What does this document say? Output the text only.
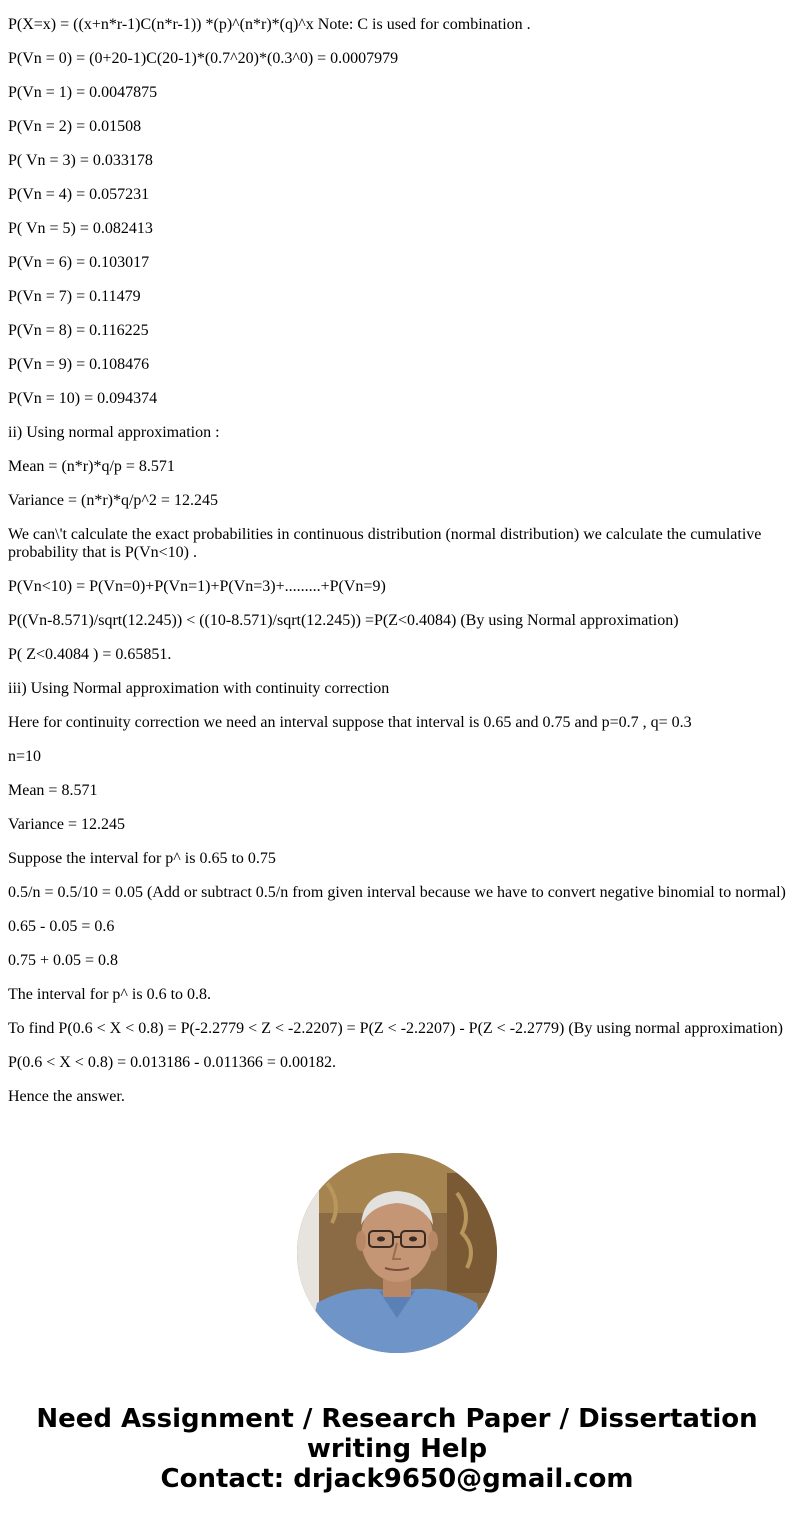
P(X=x) = ((x+n*r-1)C(n*r-1)) *(p)^(n*r)*(q)^x Note: C is used for combination .

P(Vn = 0) = (0+20-1)C(20-1)*(0.7^20)*(0.3^0) = 0.0007979

P(Vn = 1) = 0.0047875

P(Vn = 2) = 0.01508

P( Vn = 3) = 0.033178

P(Vn = 4) = 0.057231

P( Vn = 5) = 0.082413

P(Vn = 6) = 0.103017

P(Vn = 7) = 0.11479

P(Vn = 8) = 0.116225

P(Vn = 9) = 0.108476

P(Vn = 10) = 0.094374

ii) Using normal approximation :

Mean = (n*r)*q/p = 8.571

Variance = (n*r)*q/p^2 = 12.245

We can\'t calculate the exact probabilities in continuous distribution (normal distribution) we calculate the cumulative probability that is P(Vn<10) .

P(Vn<10) = P(Vn=0)+P(Vn=1)+P(Vn=3)+.........+P(Vn=9)

P((Vn-8.571)/sqrt(12.245)) < ((10-8.571)/sqrt(12.245)) =P(Z<0.4084) (By using Normal approximation)

P( Z<0.4084 ) = 0.65851.

iii) Using Normal approximation with continuity correction

Here for continuity correction we need an interval suppose that interval is 0.65 and 0.75 and p=0.7 , q= 0.3

n=10

Mean = 8.571

Variance = 12.245

Suppose the interval for p^ is 0.65 to 0.75

0.5/n = 0.5/10 = 0.05 (Add or subtract 0.5/n from given interval because we have to convert negative binomial to normal)

0.65 - 0.05 = 0.6

0.75 + 0.05 = 0.8

The interval for p^ is 0.6 to 0.8.

To find P(0.6 < X < 0.8) = P(-2.2779 < Z < -2.2207) = P(Z < -2.2207) - P(Z < -2.2779) (By using normal approximation)

P(0.6 < X < 0.8) = 0.013186 - 0.011366 = 0.00182.

Hence the answer.

Need Assignment / Research Paper / Dissertation
writing Help
Contact: drjack9650@gmail.com
